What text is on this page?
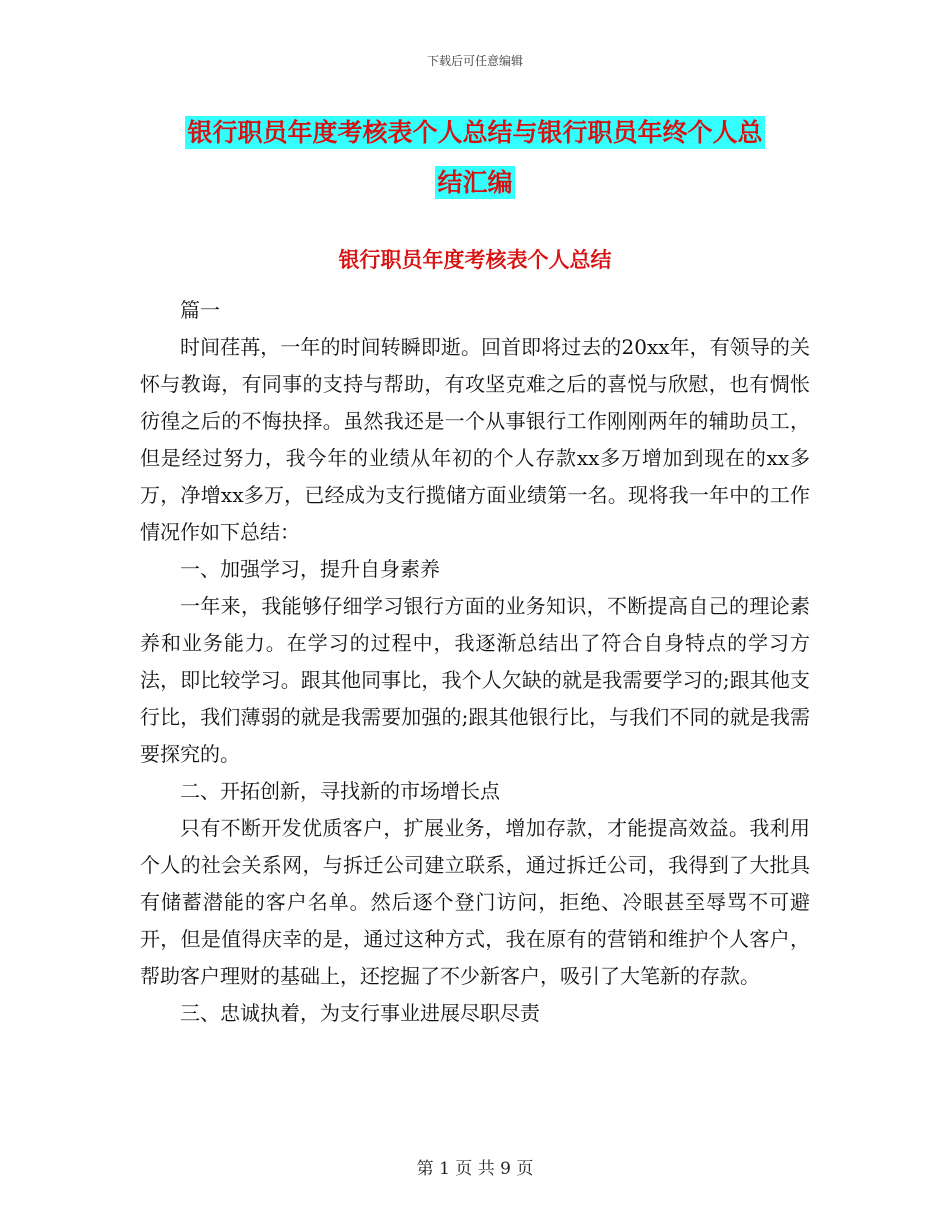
下载后可任意编辑
银行职员年度考核表个人总结与银行职员年终个人总
结汇编
银行职员年度考核表个人总结

篇一

时间荏苒，一年的时间转瞬即逝。回首即将过去的20xx年，有领导的关怀与教诲，有同事的支持与帮助，有攻坚克难之后的喜悦与欣慰，也有惆怅彷徨之后的不悔抉择。虽然我还是一个从事银行工作刚刚两年的辅助员工，但是经过努力，我今年的业绩从年初的个人存款xx多万增加到现在的xx多万，净增xx多万，已经成为支行揽储方面业绩第一名。现将我一年中的工作情况作如下总结：

一、加强学习，提升自身素养

一年来，我能够仔细学习银行方面的业务知识，不断提高自己的理论素养和业务能力。在学习的过程中，我逐渐总结出了符合自身特点的学习方法，即比较学习。跟其他同事比，我个人欠缺的就是我需要学习的;跟其他支行比，我们薄弱的就是我需要加强的;跟其他银行比，与我们不同的就是我需要探究的。

二、开拓创新，寻找新的市场增长点

只有不断开发优质客户，扩展业务，增加存款，才能提高效益。我利用个人的社会关系网，与拆迁公司建立联系，通过拆迁公司，我得到了大批具有储蓄潜能的客户名单。然后逐个登门访问，拒绝、冷眼甚至辱骂不可避开，但是值得庆幸的是，通过这种方式，我在原有的营销和维护个人客户，帮助客户理财的基础上，还挖掘了不少新客户，吸引了大笔新的存款。

三、忠诚执着，为支行事业进展尽职尽责

第 1 页 共 9 页
